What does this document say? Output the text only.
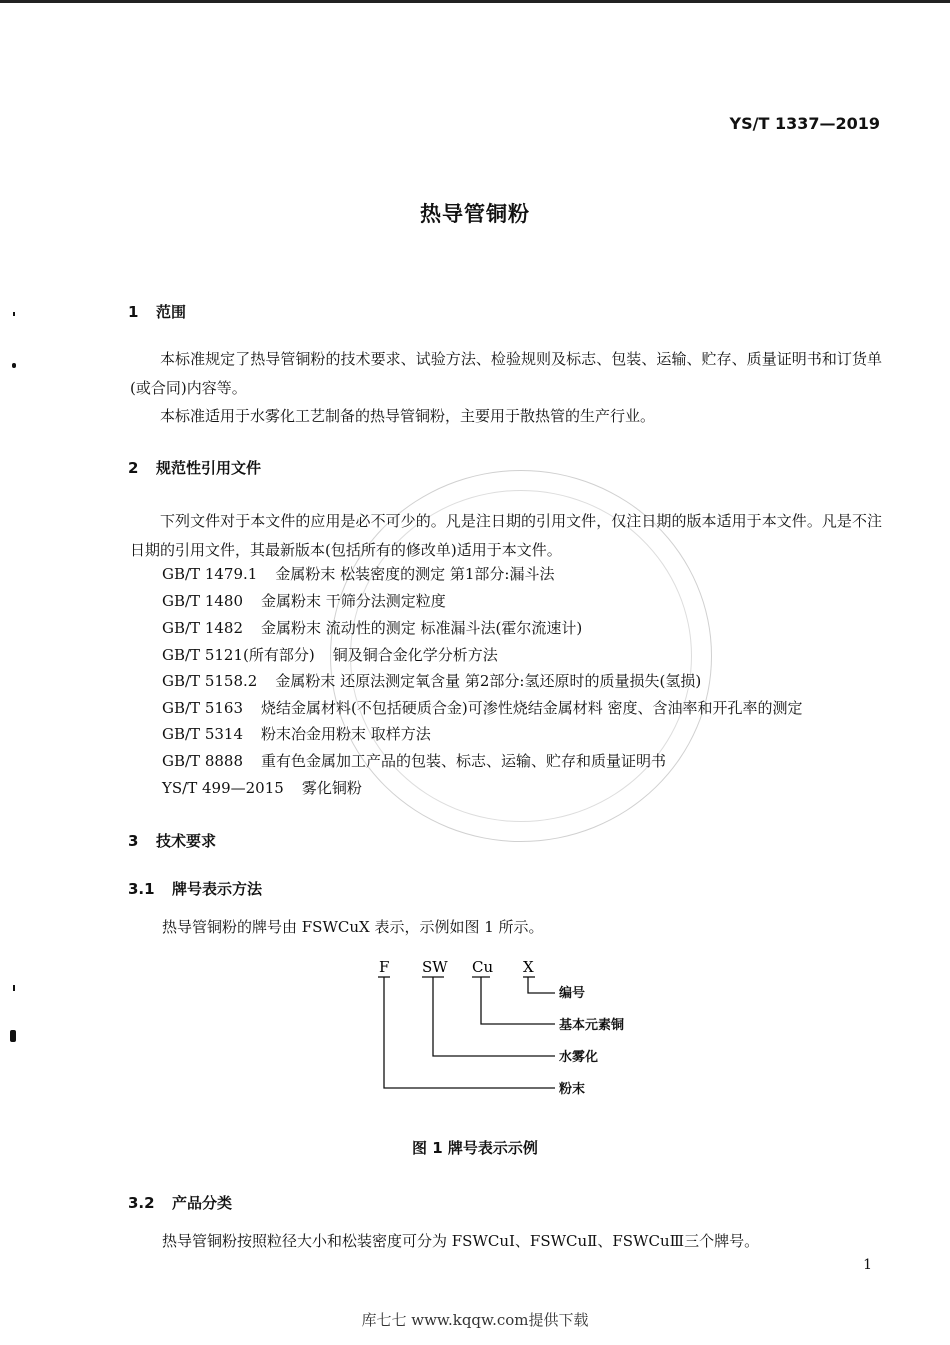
YS/T 1337—2019
热导管铜粉
1 范围
本标准规定了热导管铜粉的技术要求、试验方法、检验规则及标志、包装、运输、贮存、质量证明书和订货单(或合同)内容等。
本标准适用于水雾化工艺制备的热导管铜粉，主要用于散热管的生产行业。
2 规范性引用文件
下列文件对于本文件的应用是必不可少的。凡是注日期的引用文件，仅注日期的版本适用于本文件。凡是不注日期的引用文件，其最新版本(包括所有的修改单)适用于本文件。
GB/T 1479.1 金属粉末 松装密度的测定 第1部分:漏斗法
GB/T 1480 金属粉末 干筛分法测定粒度
GB/T 1482 金属粉末 流动性的测定 标准漏斗法(霍尔流速计)
GB/T 5121(所有部分) 铜及铜合金化学分析方法
GB/T 5158.2 金属粉末 还原法测定氧含量 第2部分:氢还原时的质量损失(氢损)
GB/T 5163 烧结金属材料(不包括硬质合金)可渗性烧结金属材料 密度、含油率和开孔率的测定
GB/T 5314 粉末冶金用粉末 取样方法
GB/T 8888 重有色金属加工产品的包装、标志、运输、贮存和质量证明书
YS/T 499—2015 雾化铜粉
3 技术要求
3.1 牌号表示方法
热导管铜粉的牌号由 FSWCuX 表示，示例如图 1 所示。
F SW Cu X
编号
基本元素铜
水雾化
粉末
图 1 牌号表示示例
3.2 产品分类
热导管铜粉按照粒径大小和松装密度可分为 FSWCuⅠ、FSWCuⅡ、FSWCuⅢ三个牌号。
1
库七七 www.kqqw.com提供下载
